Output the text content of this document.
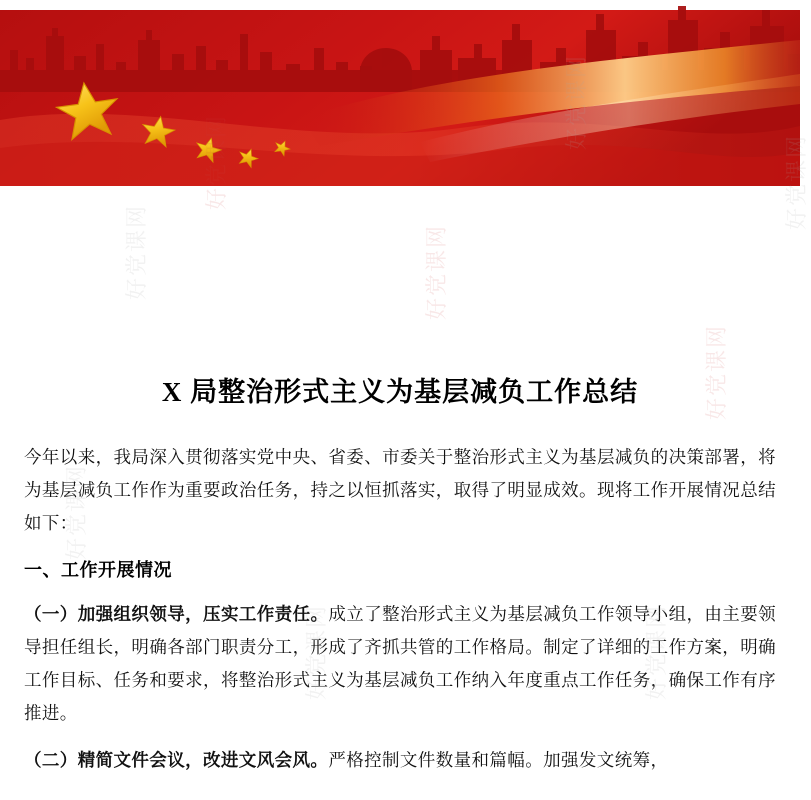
X 局整治形式主义为基层减负工作总结

今年以来，我局深入贯彻落实党中央、省委、市委关于整治形式主义为基层减负的决策部署，将为基层减负工作作为重要政治任务，持之以恒抓落实，取得了明显成效。现将工作开展情况总结如下：

一、工作开展情况

（一）加强组织领导，压实工作责任。成立了整治形式主义为基层减负工作领导小组，由主要领导担任组长，明确各部门职责分工，形成了齐抓共管的工作格局。制定了详细的工作方案，明确工作目标、任务和要求，将整治形式主义为基层减负工作纳入年度重点工作任务，确保工作有序推进。

（二）精简文件会议，改进文风会风。严格控制文件数量和篇幅。加强发文统筹，

好党课网
好党课网
好党课网
好党课网	好党课网
好党课网
